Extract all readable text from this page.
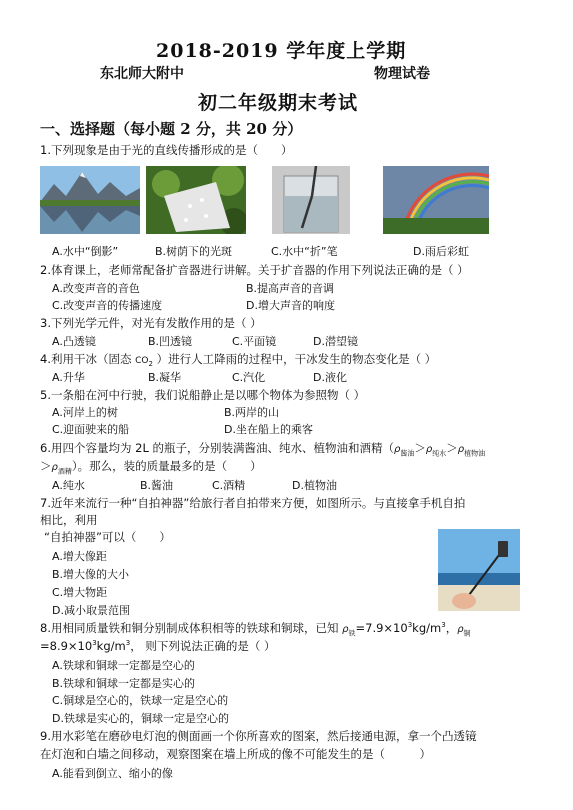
2018-2019 学年度上学期
东北师大附中	物理试卷
初二年级期末考试
一、选择题（每小题 2 分，共 20 分）
1.下列现象是由于光的直线传播形成的是（　　）
A.水中“倒影”	B.树荫下的光斑	C.水中“折”笔	D.雨后彩虹
2.体育课上，老师常配备扩音器进行讲解。关于扩音器的作用下列说法正确的是（ ）
A.改变声音的音色	B.提高声音的音调
C.改变声音的传播速度	D.增大声音的响度
3.下列光学元件，对光有发散作用的是（ ）
A.凸透镜	B.凹透镜	C.平面镜	D.潜望镜
4.利用干冰（固态 $CO_2$ ）进行人工降雨的过程中，干冰发生的物态变化是（ ）
A.升华	B.凝华	C.汽化	D.液化
5.一条船在河中行驶，我们说船静止是以哪个物体为参照物（ ）
A.河岸上的树	B.两岸的山
C.迎面驶来的船	D.坐在船上的乘客
6.用四个容量均为 2L 的瓶子，分别装满酱油、纯水、植物油和酒精（$\rho_{酱油}>\rho_{纯水}>\rho_{植物油}$
$>\rho_{酒精}$）。那么，装的质量最多的是（　　）
A.纯水	B.酱油	C.酒精	D.植物油
7.近年来流行一种“自拍神器”给旅行者自拍带来方便，如图所示。与直接拿手机自拍
相比，利用
“自拍神器”可以（　　）
A.增大像距
B.增大像的大小
C.增大物距
D.减小取景范围
8.用相同质量铁和铜分别制成体积相等的铁球和铜球，已知 $\rho_铁=7.9\times 10^3kg/m^3$，$\rho_铜$
$=8.9\times 10^3kg/m^3$， 则下列说法正确的是（ ）
A.铁球和铜球一定都是空心的
B.铁球和铜球一定都是实心的
C.铜球是空心的，铁球一定是空心的
D.铁球是实心的，铜球一定是空心的
9.用水彩笔在磨砂电灯泡的侧面画一个你所喜欢的图案，然后接通电源，拿一个凸透镜
在灯泡和白墙之间移动，观察图案在墙上所成的像不可能发生的是（　　　）
A.能看到倒立、缩小的像
